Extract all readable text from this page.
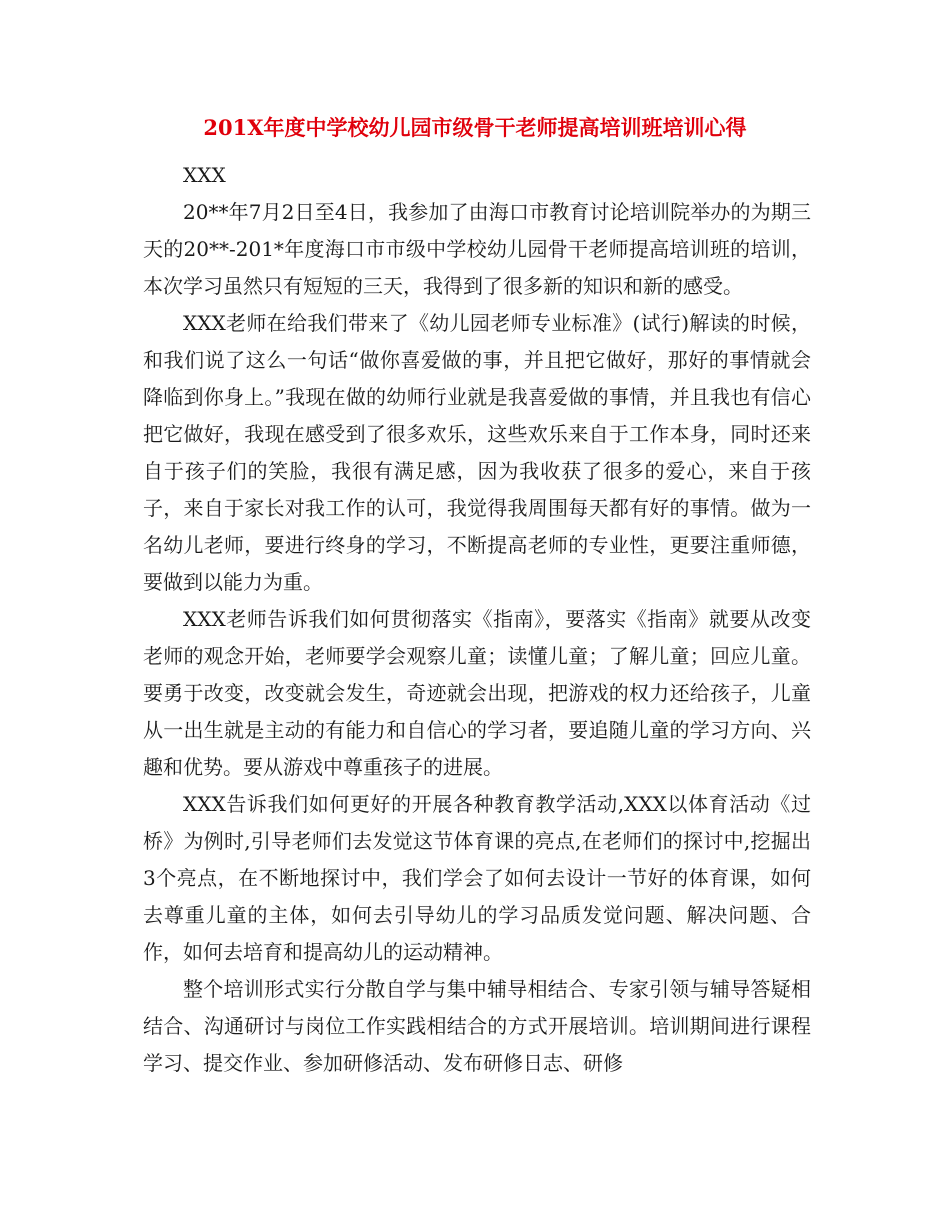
201X年度中学校幼儿园市级骨干老师提高培训班培训心得

XXX

20**年7月2日至4日，我参加了由海口市教育讨论培训院举办的为期三天的20**-201*年度海口市市级中学校幼儿园骨干老师提高培训班的培训，本次学习虽然只有短短的三天，我得到了很多新的知识和新的感受。

XXX老师在给我们带来了《幼儿园老师专业标准》(试行)解读的时候，和我们说了这么一句话“做你喜爱做的事，并且把它做好，那好的事情就会降临到你身上。”我现在做的幼师行业就是我喜爱做的事情，并且我也有信心把它做好，我现在感受到了很多欢乐，这些欢乐来自于工作本身，同时还来自于孩子们的笑脸，我很有满足感，因为我收获了很多的爱心，来自于孩子，来自于家长对我工作的认可，我觉得我周围每天都有好的事情。做为一名幼儿老师，要进行终身的学习，不断提高老师的专业性，更要注重师德，要做到以能力为重。

XXX老师告诉我们如何贯彻落实《指南》，要落实《指南》就要从改变老师的观念开始，老师要学会观察儿童；读懂儿童；了解儿童；回应儿童。要勇于改变，改变就会发生，奇迹就会出现，把游戏的权力还给孩子，儿童从一出生就是主动的有能力和自信心的学习者，要追随儿童的学习方向、兴趣和优势。要从游戏中尊重孩子的进展。

XXX告诉我们如何更好的开展各种教育教学活动,XXX以体育活动《过桥》为例时,引导老师们去发觉这节体育课的亮点,在老师们的探讨中,挖掘出3个亮点，在不断地探讨中，我们学会了如何去设计一节好的体育课，如何去尊重儿童的主体，如何去引导幼儿的学习品质发觉问题、解决问题、合作，如何去培育和提高幼儿的运动精神。

整个培训形式实行分散自学与集中辅导相结合、专家引领与辅导答疑相结合、沟通研讨与岗位工作实践相结合的方式开展培训。培训期间进行课程学习、提交作业、参加研修活动、发布研修日志、研修
